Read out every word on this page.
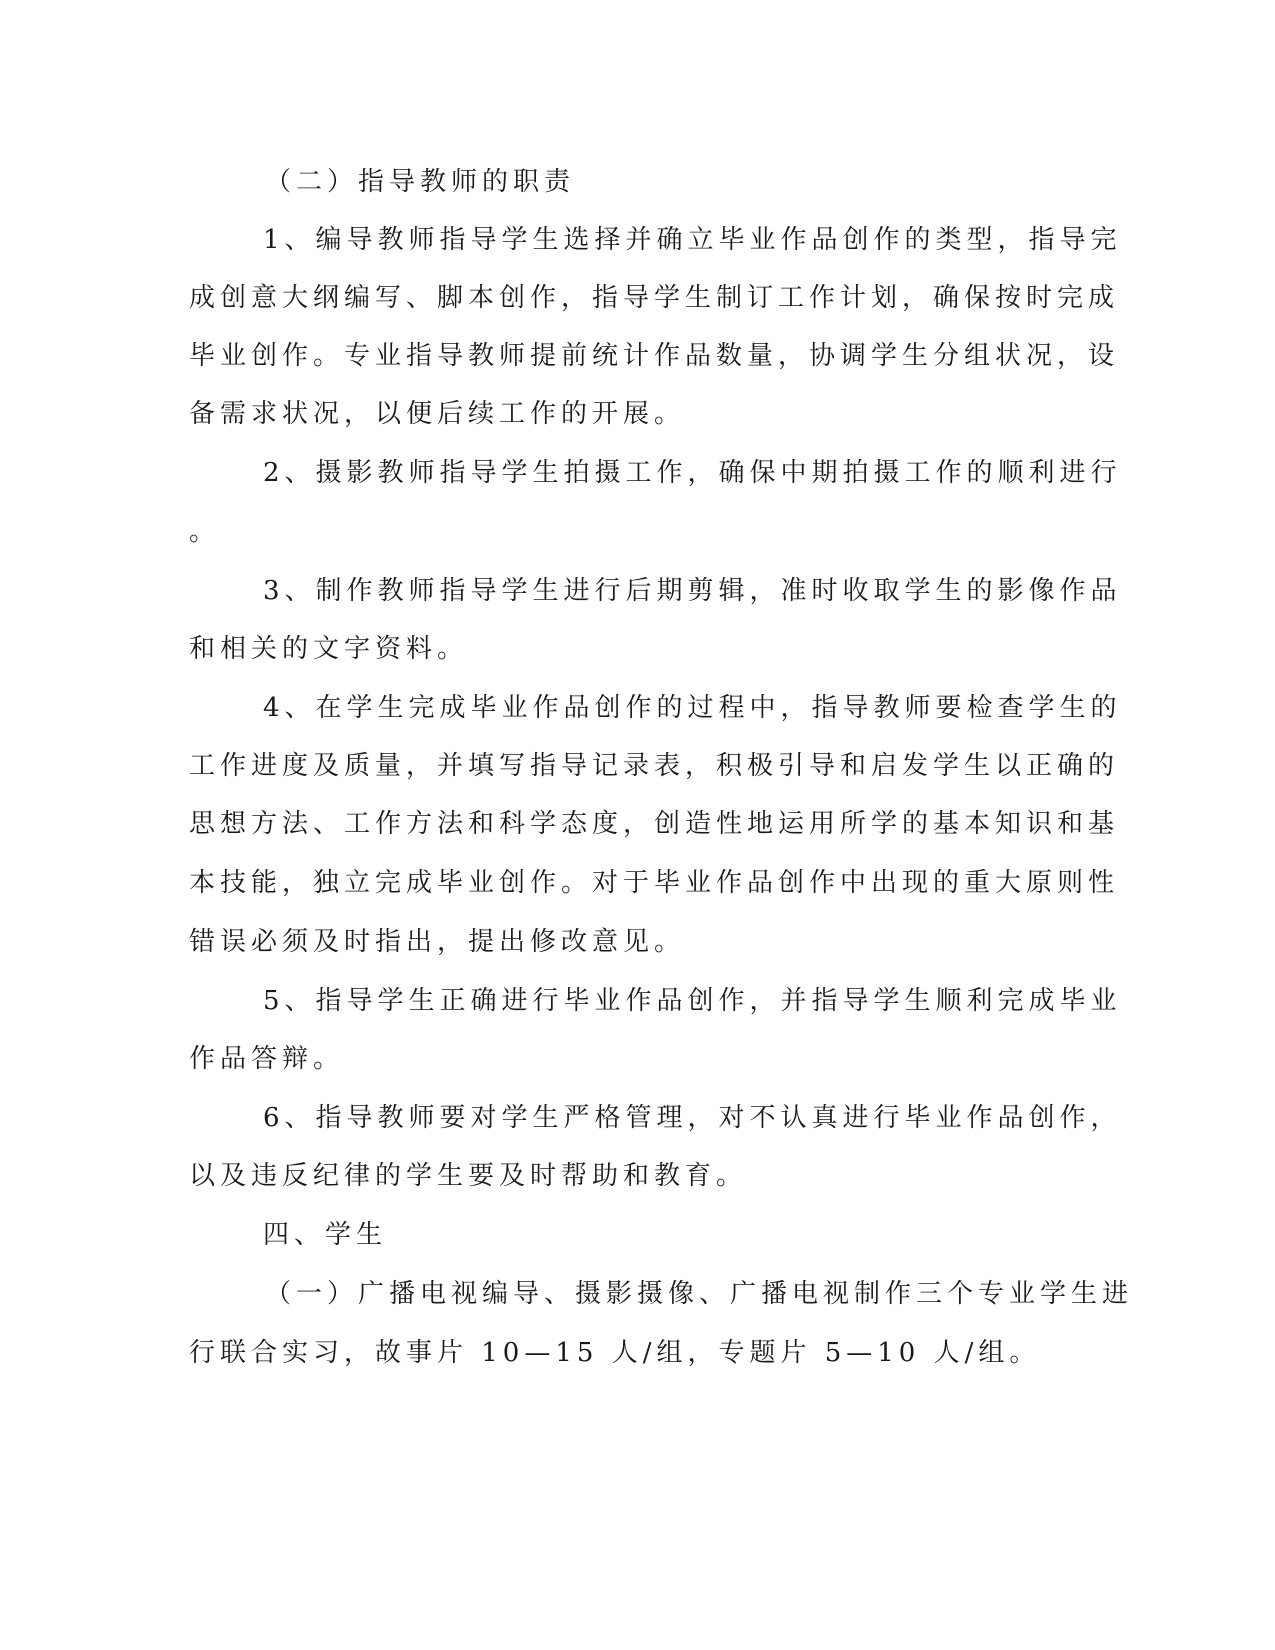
（二）指导教师的职责
1、编导教师指导学生选择并确立毕业作品创作的类型，指导完
成创意大纲编写、脚本创作，指导学生制订工作计划，确保按时完成
毕业创作。专业指导教师提前统计作品数量，协调学生分组状况，设
备需求状况，以便后续工作的开展。
2、摄影教师指导学生拍摄工作，确保中期拍摄工作的顺利进行
。
3、制作教师指导学生进行后期剪辑，准时收取学生的影像作品
和相关的文字资料。
4、在学生完成毕业作品创作的过程中，指导教师要检查学生的
工作进度及质量，并填写指导记录表，积极引导和启发学生以正确的
思想方法、工作方法和科学态度，创造性地运用所学的基本知识和基
本技能，独立完成毕业创作。对于毕业作品创作中出现的重大原则性
错误必须及时指出，提出修改意见。
5、指导学生正确进行毕业作品创作，并指导学生顺利完成毕业
作品答辩。
6、指导教师要对学生严格管理，对不认真进行毕业作品创作，
以及违反纪律的学生要及时帮助和教育。
四、学生
（一）广播电视编导、摄影摄像、广播电视制作三个专业学生进
行联合实习，故事片 10—15 人/组，专题片 5—10 人/组。
